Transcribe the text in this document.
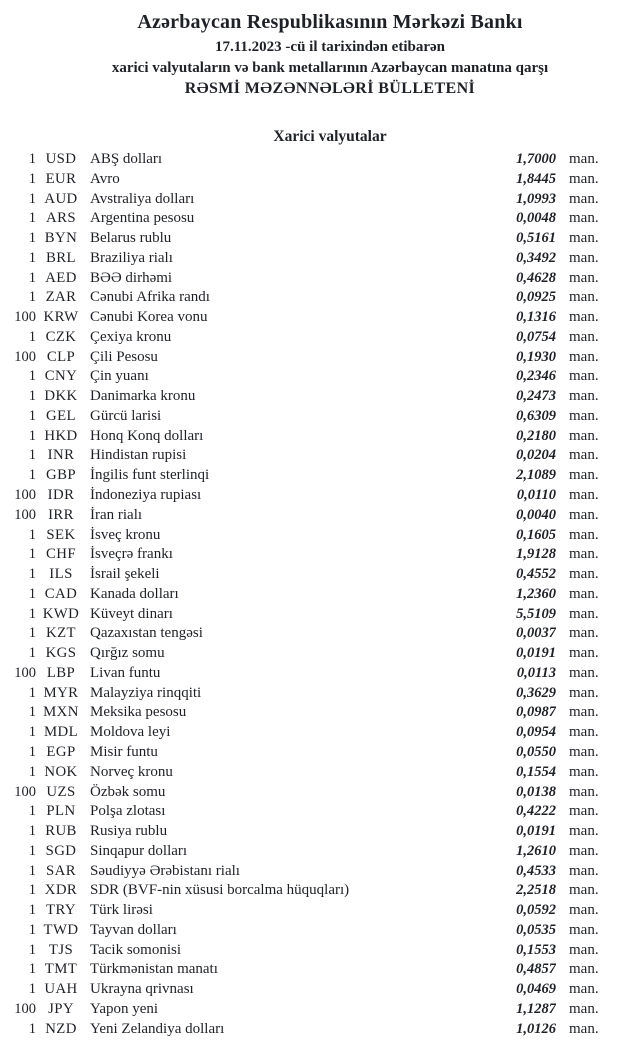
Azərbaycan Respublikasının Mərkəzi Bankı
17.11.2023 -cü il tarixindən etibarən
xarici valyutaların və bank metallarının Azərbaycan manatına qarşı
RƏSMİ MƏZƏNNƏLƏRİ BÜLLETENİ
Xarici valyutalar
1 USD ABŞ dolları	1,7000 man.
1 EUR Avro	1,8445 man.
1 AUD Avstraliya dolları	1,0993 man.
1 ARS Argentina pesosu	0,0048 man.
1 BYN Belarus rublu	0,5161 man.
1 BRL Braziliya rialı	0,3492 man.
1 AED BƏƏ dirhəmi	0,4628 man.
1 ZAR Cənubi Afrika randı	0,0925 man.
100 KRW Cənubi Korea vonu	0,1316 man.
1 CZK Çexiya kronu	0,0754 man.
100 CLP Çili Pesosu	0,1930 man.
1 CNY Çin yuanı	0,2346 man.
1 DKK Danimarka kronu	0,2473 man.
1 GEL Gürcü larisi	0,6309 man.
1 HKD Honq Konq dolları	0,2180 man.
1 INR	Hindistan rupisi	0,0204 man.
1 GBP İngilis funt sterlinqi	2,1089 man.
100 IDR	İndoneziya rupiası	0,0110 man.
100 IRR	İran rialı	0,0040 man.
1 SEK İsveç kronu	0,1605 man.
1 CHF İsveçrə frankı	1,9128 man.
1 ILS	İsrail şekeli	0,4552 man.
1 CAD Kanada dolları	1,2360 man.
1 KWD Küveyt dinarı	5,5109 man.
1 KZT Qazaxıstan tengəsi	0,0037 man.
1 KGS Qırğız somu	0,0191 man.
100 LBP Livan funtu	0,0113 man.
1 MYR Malayziya rinqqiti	0,3629 man.
1 MXN Meksika pesosu	0,0987 man.
1 MDL Moldova leyi	0,0954 man.
1 EGP Misir funtu	0,0550 man.
1 NOK Norveç kronu	0,1554 man.
100 UZS Özbək somu	0,0138 man.
1 PLN Polşa zlotası	0,4222 man.
1 RUB Rusiya rublu	0,0191 man.
1 SGD Sinqapur dolları	1,2610 man.
1 SAR Səudiyyə Ərəbistanı rialı	0,4533 man.
1 XDR SDR (BVF-nin xüsusi borcalma hüquqları)	2,2518 man.
1 TRY Türk lirəsi	0,0592 man.
1 TWD Tayvan dolları	0,0535 man.
1 TJS	Tacik somonisi	0,1553 man.
1 TMT Türkmənistan manatı	0,4857 man.
1 UAH Ukrayna qrivnası	0,0469 man.
100 JPY	Yapon yeni	1,1287 man.
1 NZD Yeni Zelandiya dolları	1,0126 man.
